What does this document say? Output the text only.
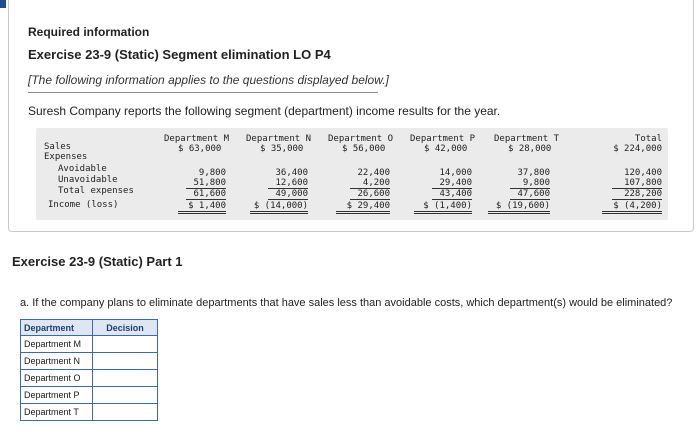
Required information
Exercise 23-9 (Static) Segment elimination LO P4
[The following information applies to the questions displayed below.]
Suresh Company reports the following segment (department) income results for the year.
Department M Department N Department O Department P Department T	Total
Sales	$ 63,000	$ 35,000	$ 56,000	$ 42,000	$ 28,000	$ 224,000
Expenses
Avoidable	9,800	36,400	22,400	14,000	37,800	120,400
Unavoidable	51,800	12,600	4,200	29,400	9,800	107,800
Total expenses	61,600	49,000	26,600	43,400	47,600	228,200
Income (loss)	$ 1,400	$ (14,000)	$ 29,400	$ (1,400)	$ (19,600)	$ (4,200)
Exercise 23-9 (Static) Part 1
a. If the company plans to eliminate departments that have sales less than avoidable costs, which department(s) would be eliminated?
Department	Decision
Department M	

Department N	

Department O	

Department P	

Department T	
